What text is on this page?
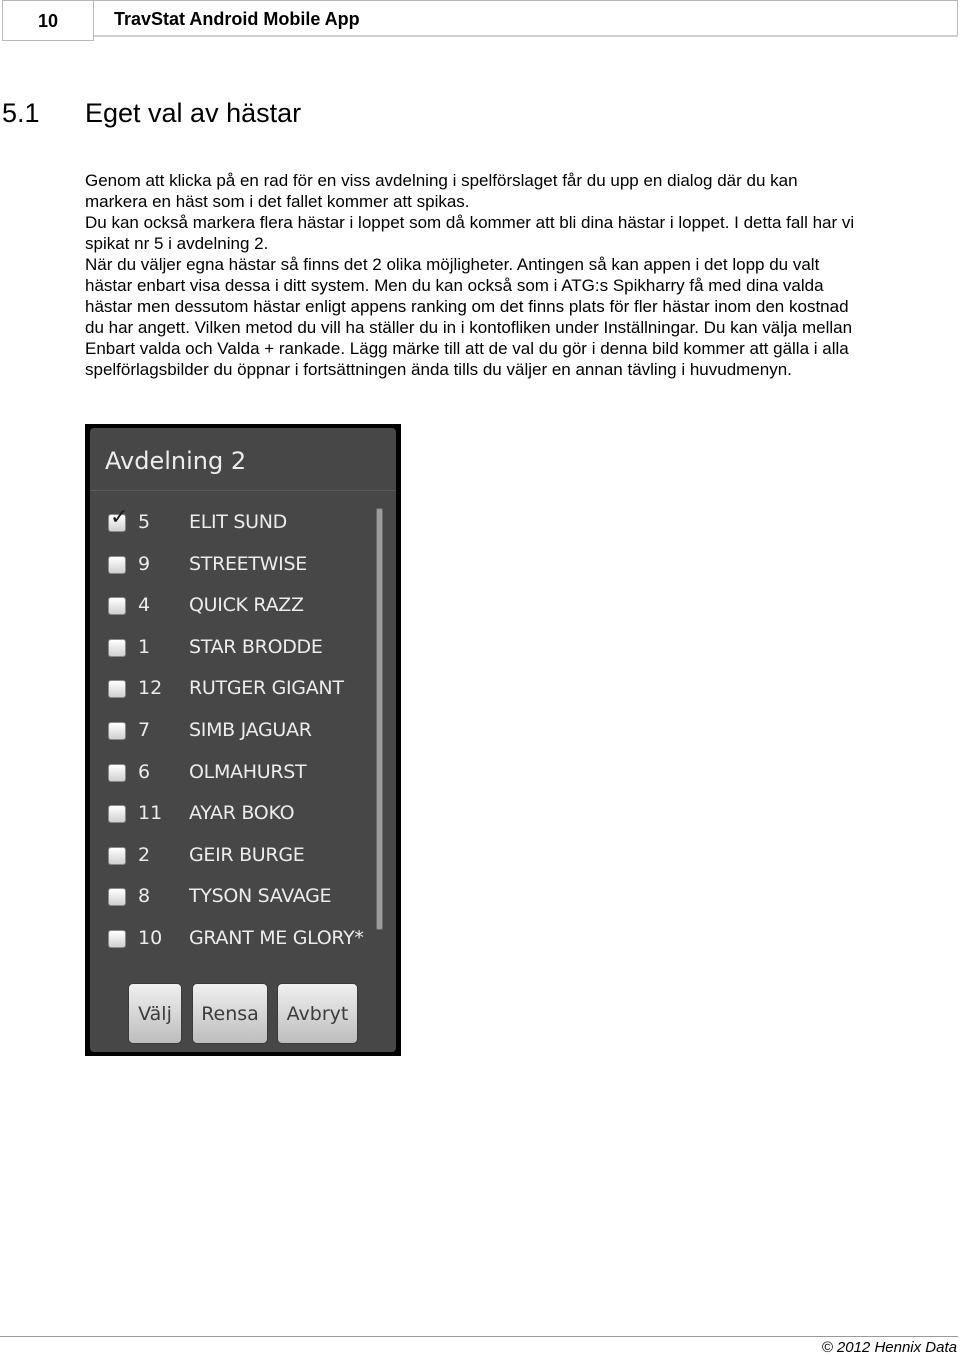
10	TravStat Android Mobile App
5.1 Eget val av hästar

Genom att klicka på en rad för en viss avdelning i spelförslaget får du upp en dialog där du kan

markera en häst som i det fallet kommer att spikas.

Du kan också markera flera hästar i loppet som då kommer att bli dina hästar i loppet. I detta fall har vi

spikat nr 5 i avdelning 2.

När du väljer egna hästar så finns det 2 olika möjligheter. Antingen så kan appen i det lopp du valt

hästar enbart visa dessa i ditt system. Men du kan också som i ATG:s Spikharry få med dina valda

hästar men dessutom hästar enligt appens ranking om det finns plats för fler hästar inom den kostnad

du har angett. Vilken metod du vill ha ställer du in i kontofliken under Inställningar. Du kan välja mellan

Enbart valda och Valda + rankade. Lägg märke till att de val du gör i denna bild kommer att gälla i alla

spelförlagsbilder du öppnar i fortsättningen ända tills du väljer en annan tävling i huvudmenyn.

Avdelning 2
✓ 5	ELIT SUND
9	STREETWISE
4	QUICK RAZZ
1	STAR BRODDE
12	RUTGER GIGANT
7	SIMB JAGUAR
6	OLMAHURST
11	AYAR BOKO
2	GEIR BURGE
8	TYSON SAVAGE
10	GRANT ME GLORY*
Välj	Rensa	Avbryt
© 2012 Hennix Data
